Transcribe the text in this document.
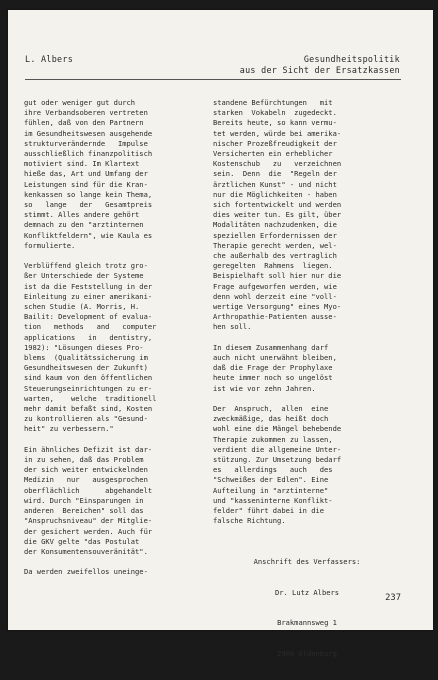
L. Albers	Gesundheitspolitik
aus der Sicht der Ersatzkassen
gut oder weniger gut durch
ihre Verbandsoberen vertreten
fühlen, daß von den Partnern
im Gesundheitswesen ausgehende
strukturverändernde   Impulse
ausschließlich finanzpolitisch
motiviert sind. Im Klartext
hieße das, Art und Umfang der
Leistungen sind für die Kran-
kenkassen so lange kein Thema,
so   lange   der   Gesamtpreis
stimmt. Alles andere gehört
demnach zu den "arztinternen
Konfliktfeldern", wie Kaula es
formulierte.
Verblüffend gleich trotz gro-
ßer Unterschiede der Systeme
ist da die Feststellung in der
Einleitung zu einer amerikani-
schen Studie (A. Morris, H.
Bailit: Development of evalua-
tion   methods   and   computer
applications   in   dentistry,
1982): "Lösungen dieses Pro-
blems  (Qualitätssicherung im
Gesundheitswesen der Zukunft)
sind kaum von den öffentlichen
Steuerungseinrichtungen zu er-
warten,    welche  traditionell
mehr damit befaßt sind, Kosten
zu kontrollieren als "Gesund-
heit" zu verbessern."
Ein ähnliches Defizit ist dar-
in zu sehen, daß das Problem
der sich weiter entwickelnden
Medizin   nur   ausgesprochen
oberflächlich      abgehandelt
wird. Durch "Einsparungen in
anderen  Bereichen" soll das
"Anspruchsniveau" der Mitglie-
der gesichert werden. Auch für
die GKV gelte "das Postulat
der Konsumentensouveränität".
Da werden zweifellos uneinge-
standene Befürchtungen   mit
starken  Vokabeln  zugedeckt.
Bereits heute, so kann vermu-
tet werden, würde bei amerika-
nischer Prozeßfreudigkeit der
Versicherten ein erheblicher
Kostenschub   zu   verzeichnen
sein.  Denn  die  "Regeln der
ärztlichen Kunst" - und nicht
nur die Möglichkeiten - haben
sich fortentwickelt und werden
dies weiter tun. Es gilt, über
Modalitäten nachzudenken, die
speziellen Erfordernissen der
Therapie gerecht werden, wel-
che außerhalb des vertraglich
geregelten  Rahmens  liegen.
Beispielhaft soll hier nur die
Frage aufgeworfen werden, wie
denn wohl derzeit eine "voll-
wertige Versorgung" eines Myo-
Arthropathie-Patienten ausse-
hen soll.
In diesem Zusammenhang darf
auch nicht unerwähnt bleiben,
daß die Frage der Prophylaxe
heute immer noch so ungelöst
ist wie vor zehn Jahren.
Der  Anspruch,  allen  eine
zweckmäßige, das heißt doch
wohl eine die Mängel behebende
Therapie zukommen zu lassen,
verdient die allgemeine Unter-
stützung. Zur Umsetzung bedarf
es   allerdings   auch   des
"Schweißes der Edlen". Eine
Aufteilung in "arztinterne"
und "kasseninterne Konflikt-
felder" führt dabei in die
falsche Richtung.

Anschrift des Verfassers:

Dr. Lutz Albers

Brakmannsweg 1

2900 Oldenburg

237
